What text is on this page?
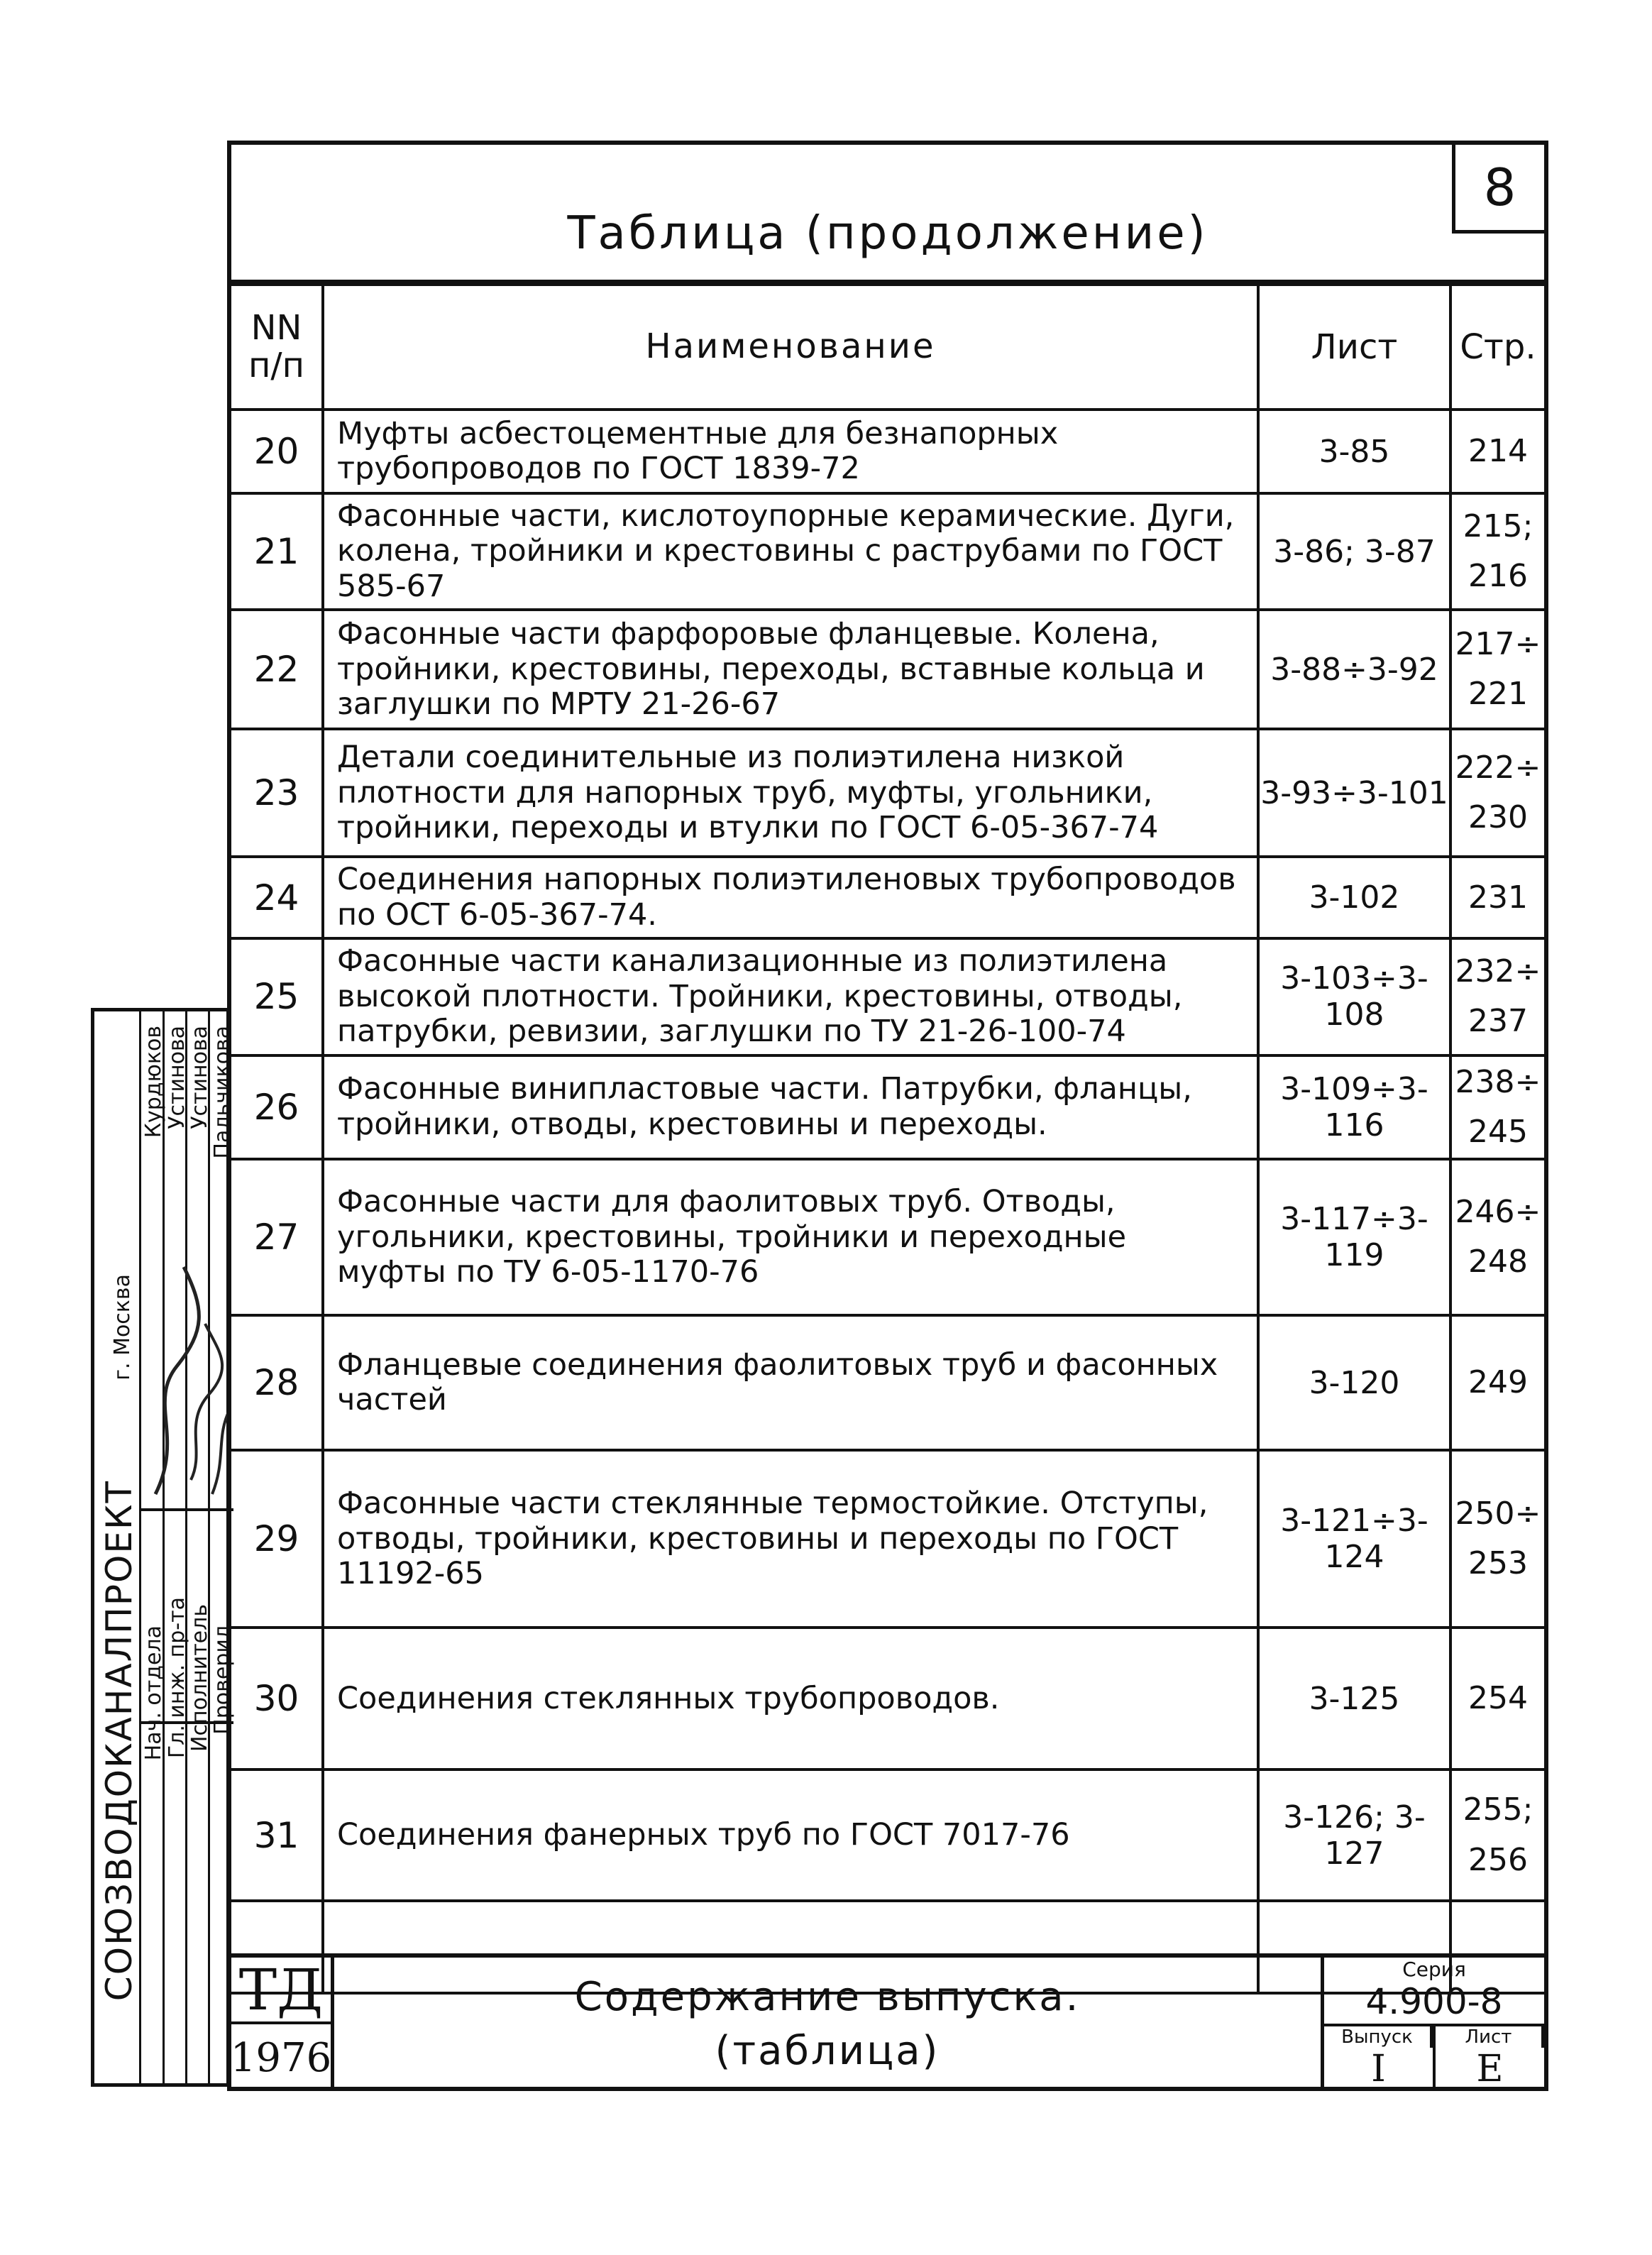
СОЮЗВОДОКАНАЛПРОЕКТ
г. Москва
Нач. отдела
Курдюков
Гл. инж. пр-та
Устинова
Исполнитель
Устинова
Проверил
Пальчикова
Таблица (продолжение)
8
NN п/п	Наименование	Лист	Стр.
20	Муфты асбестоцементные для безнапорных трубопроводов по ГОСТ 1839-72	3-85	214
21	Фасонные части, кислотоупорные керамические. Дуги, колена, тройники и крестовины с раструбами по ГОСТ 585-67	3-86; 3-87	215; 216
22	Фасонные части фарфоровые фланцевые. Колена, тройники, крестовины, переходы, вставные кольца и заглушки по МРТУ 21-26-67	3-88÷3-92	217÷ 221
23	Детали соединительные из полиэтилена низкой плотности для напорных труб, муфты, угольники, тройники, переходы и втулки по ГОСТ 6-05-367-74	3-93÷3-101	222÷ 230
24	Соединения напорных полиэтиленовых трубопроводов по ОСТ 6-05-367-74.	3-102	231
25	Фасонные части канализационные из полиэтилена высокой плотности. Тройники, крестовины, отводы, патрубки, ревизии, заглушки по ТУ 21-26-100-74	3-103÷3-108	232÷ 237
26	Фасонные винипластовые части. Патрубки, фланцы, тройники, отводы, крестовины и переходы.	3-109÷3-116	238÷ 245
27	Фасонные части для фаолитовых труб. Отводы, угольники, крестовины, тройники и переходные муфты по ТУ 6-05-1170-76	3-117÷3-119	246÷ 248
28	Фланцевые соединения фаолитовых труб и фасонных частей	3-120	249
29	Фасонные части стеклянные термостойкие. Отступы, отводы, тройники, крестовины и переходы по ГОСТ 11192-65	3-121÷3-124	250÷ 253
30	Соединения стеклянных трубопроводов.	3-125	254
31	Соединения фанерных труб по ГОСТ 7017-76	3-126; 3-127	255; 256

ТД
1976
Содержание выпуска.
(таблица)
Серия
4.900-8
Выпуск
I
Лист
Е
